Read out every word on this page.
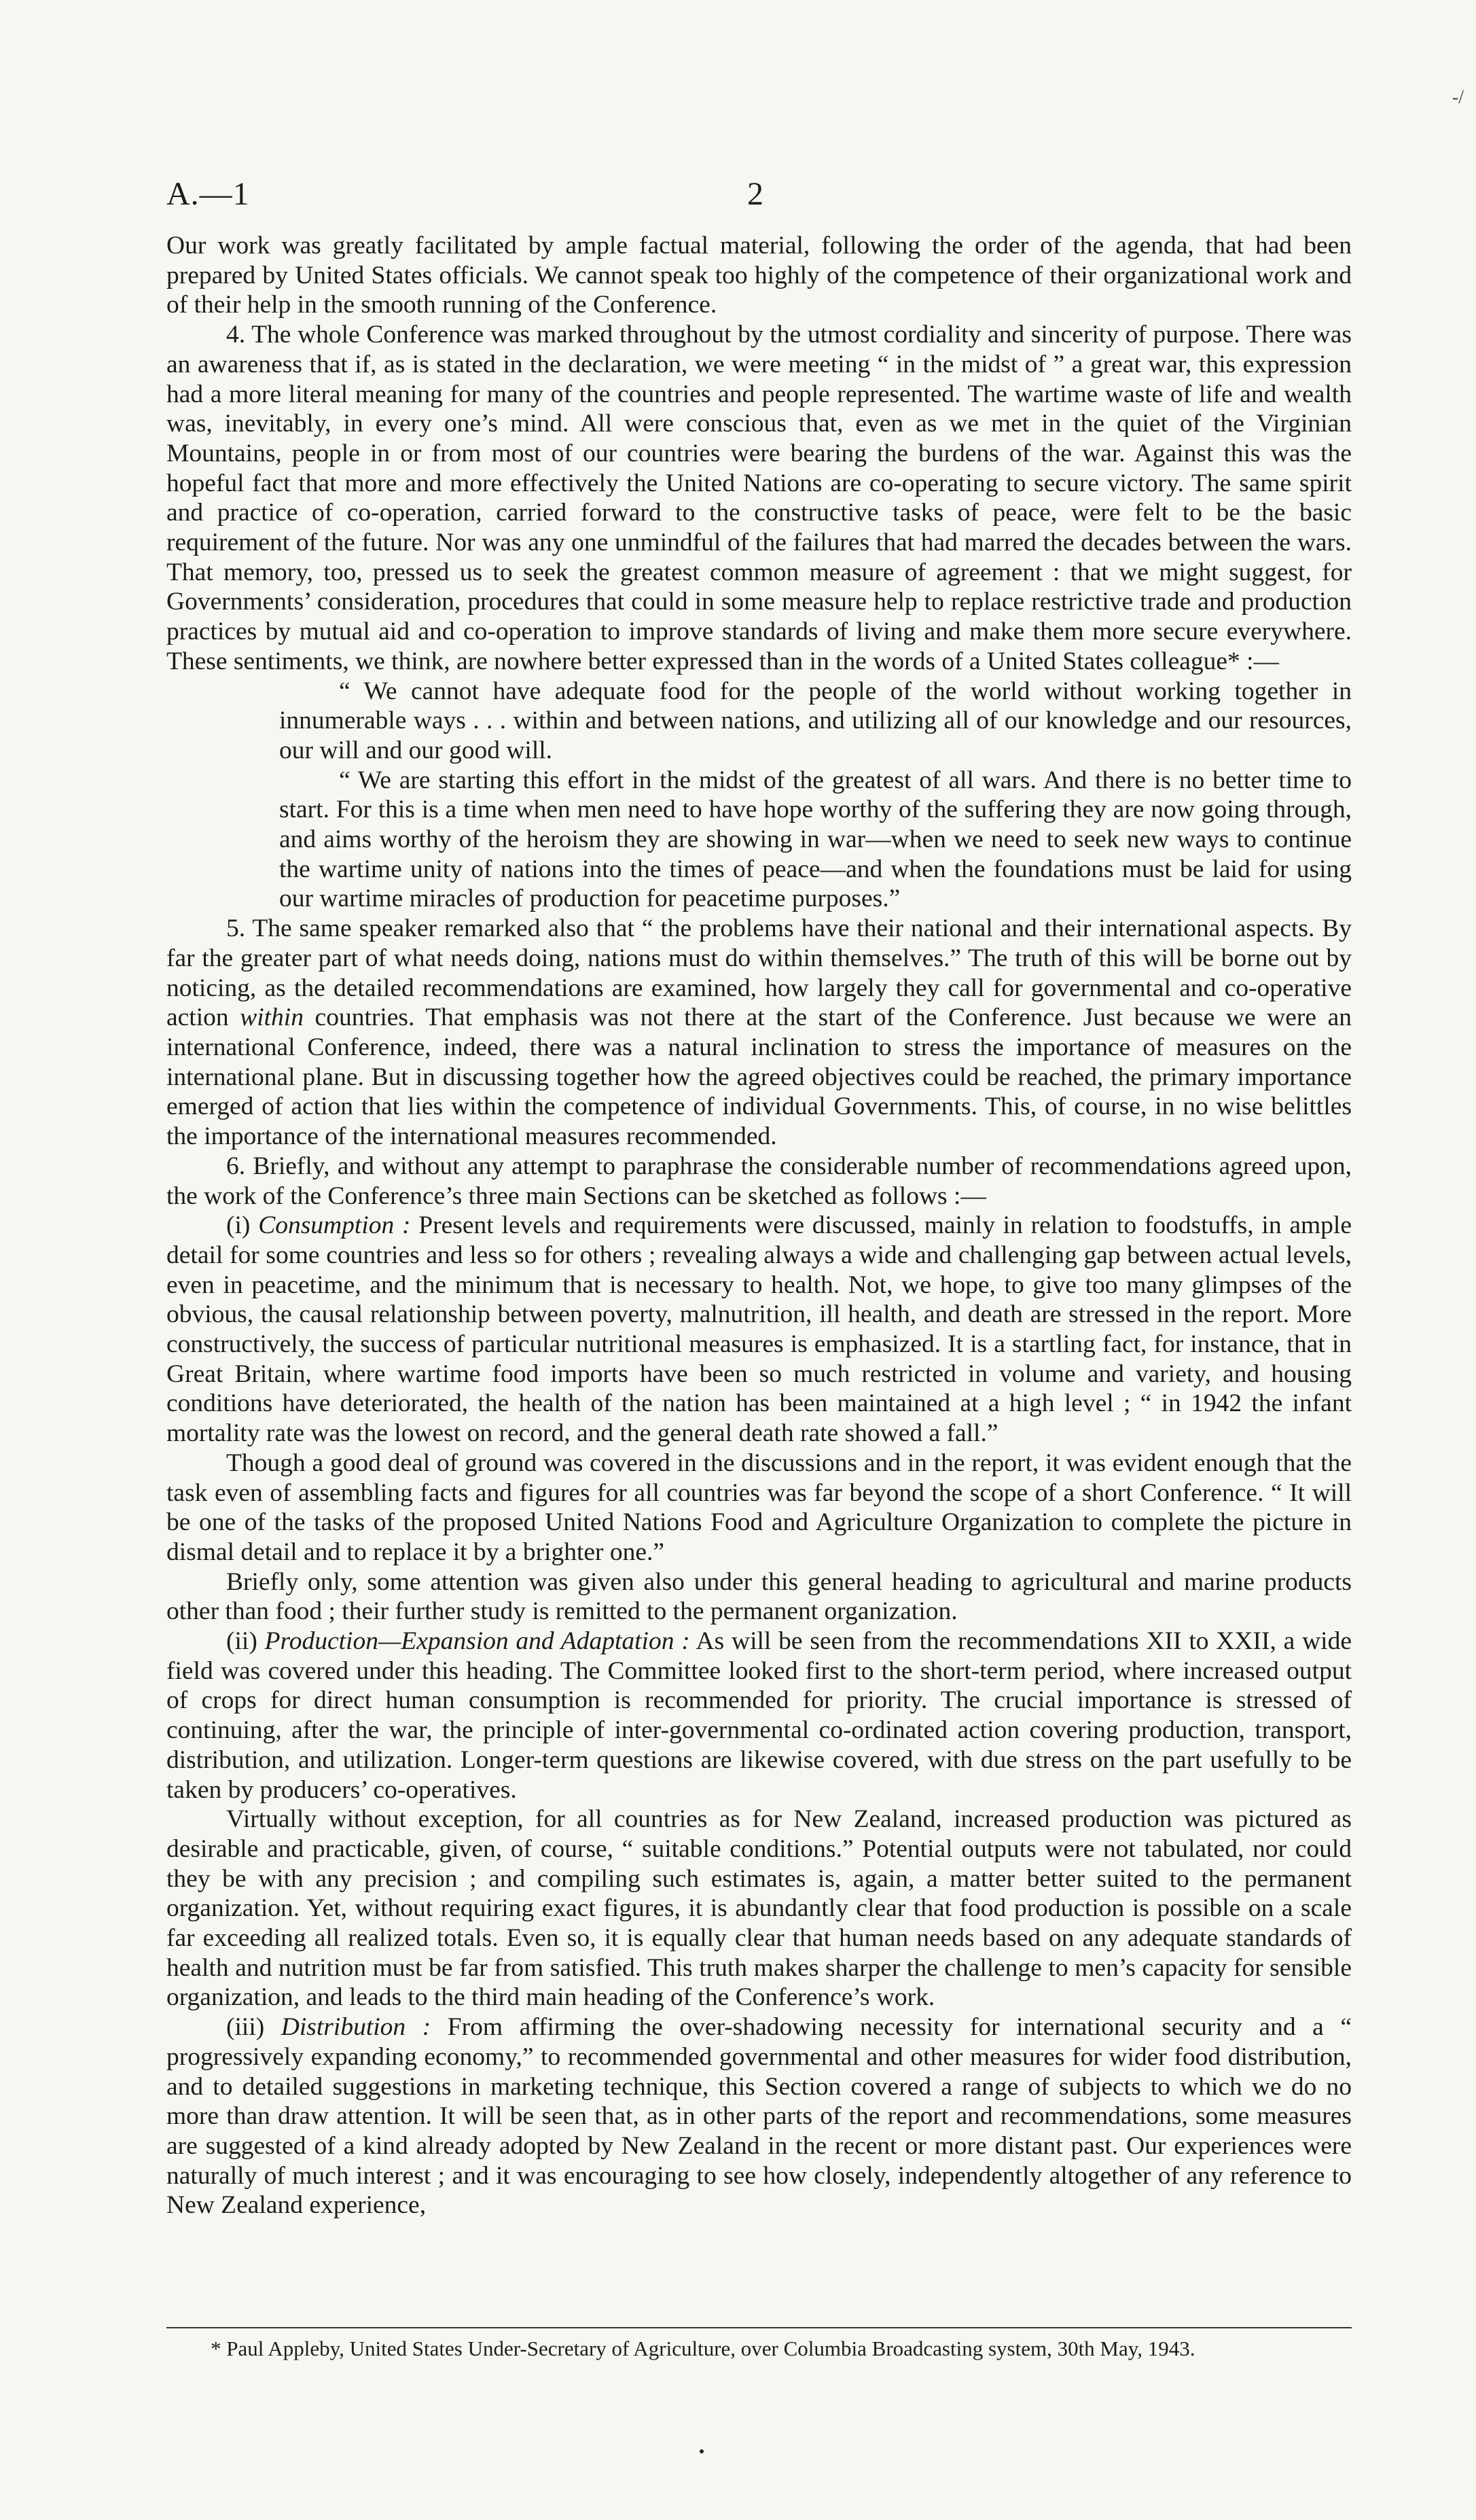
-/
A.—1	2

Our work was greatly facilitated by ample factual material, following the order of the agenda, that had been prepared by United States officials. We cannot speak too highly of the competence of their organizational work and of their help in the smooth running of the Conference.

4. The whole Conference was marked throughout by the utmost cordiality and sincerity of purpose. There was an awareness that if, as is stated in the declaration, we were meeting “ in the midst of ” a great war, this expression had a more literal meaning for many of the countries and people represented. The wartime waste of life and wealth was, inevitably, in every one’s mind. All were conscious that, even as we met in the quiet of the Virginian Mountains, people in or from most of our countries were bearing the burdens of the war. Against this was the hopeful fact that more and more effectively the United Nations are co-operating to secure victory. The same spirit and practice of co-operation, carried forward to the constructive tasks of peace, were felt to be the basic requirement of the future. Nor was any one unmindful of the failures that had marred the decades between the wars. That memory, too, pressed us to seek the greatest common measure of agreement : that we might suggest, for Governments’ consideration, procedures that could in some measure help to replace restrictive trade and production practices by mutual aid and co-operation to improve standards of living and make them more secure everywhere. These sentiments, we think, are nowhere better expressed than in the words of a United States colleague* :—

“ We cannot have adequate food for the people of the world without working together in innumerable ways . . . within and between nations, and utilizing all of our knowledge and our resources, our will and our good will.

“ We are starting this effort in the midst of the greatest of all wars. And there is no better time to start. For this is a time when men need to have hope worthy of the suffering they are now going through, and aims worthy of the heroism they are showing in war—when we need to seek new ways to continue the wartime unity of nations into the times of peace—and when the foundations must be laid for using our wartime miracles of production for peacetime purposes.”

5. The same speaker remarked also that “ the problems have their national and their international aspects. By far the greater part of what needs doing, nations must do within themselves.” The truth of this will be borne out by noticing, as the detailed recommendations are examined, how largely they call for governmental and co-operative action within countries. That emphasis was not there at the start of the Conference. Just because we were an international Conference, indeed, there was a natural inclination to stress the importance of measures on the international plane. But in discussing together how the agreed objectives could be reached, the primary importance emerged of action that lies within the competence of individual Governments. This, of course, in no wise belittles the importance of the international measures recommended.

6. Briefly, and without any attempt to paraphrase the considerable number of recommendations agreed upon, the work of the Conference’s three main Sections can be sketched as follows :—

(i) Consumption : Present levels and requirements were discussed, mainly in relation to foodstuffs, in ample detail for some countries and less so for others ; revealing always a wide and challenging gap between actual levels, even in peacetime, and the minimum that is necessary to health. Not, we hope, to give too many glimpses of the obvious, the causal relationship between poverty, malnutrition, ill health, and death are stressed in the report. More constructively, the success of particular nutritional measures is emphasized. It is a startling fact, for instance, that in Great Britain, where wartime food imports have been so much restricted in volume and variety, and housing conditions have deteriorated, the health of the nation has been maintained at a high level ; “ in 1942 the infant mortality rate was the lowest on record, and the general death rate showed a fall.”

Though a good deal of ground was covered in the discussions and in the report, it was evident enough that the task even of assembling facts and figures for all countries was far beyond the scope of a short Conference. “ It will be one of the tasks of the proposed United Nations Food and Agriculture Organization to complete the picture in dismal detail and to replace it by a brighter one.”

Briefly only, some attention was given also under this general heading to agricultural and marine products other than food ; their further study is remitted to the permanent organization.

(ii) Production—Expansion and Adaptation : As will be seen from the recommendations XII to XXII, a wide field was covered under this heading. The Committee looked first to the short-term period, where increased output of crops for direct human consumption is recommended for priority. The crucial importance is stressed of continuing, after the war, the principle of inter-governmental co-ordinated action covering production, transport, distribution, and utilization. Longer-term questions are likewise covered, with due stress on the part usefully to be taken by producers’ co-operatives.

Virtually without exception, for all countries as for New Zealand, increased production was pictured as desirable and practicable, given, of course, “ suitable conditions.” Potential outputs were not tabulated, nor could they be with any precision ; and compiling such estimates is, again, a matter better suited to the permanent organization. Yet, without requiring exact figures, it is abundantly clear that food production is possible on a scale far exceeding all realized totals. Even so, it is equally clear that human needs based on any adequate standards of health and nutrition must be far from satisfied. This truth makes sharper the challenge to men’s capacity for sensible organization, and leads to the third main heading of the Conference’s work.

(iii) Distribution : From affirming the over-shadowing necessity for international security and a “ progressively expanding economy,” to recommended governmental and other measures for wider food distribution, and to detailed suggestions in marketing technique, this Section covered a range of subjects to which we do no more than draw attention. It will be seen that, as in other parts of the report and recommendations, some measures are suggested of a kind already adopted by New Zealand in the recent or more distant past. Our experiences were naturally of much interest ; and it was encouraging to see how closely, independently altogether of any reference to New Zealand experience,

* Paul Appleby, United States Under-Secretary of Agriculture, over Columbia Broadcasting system, 30th May, 1943.
